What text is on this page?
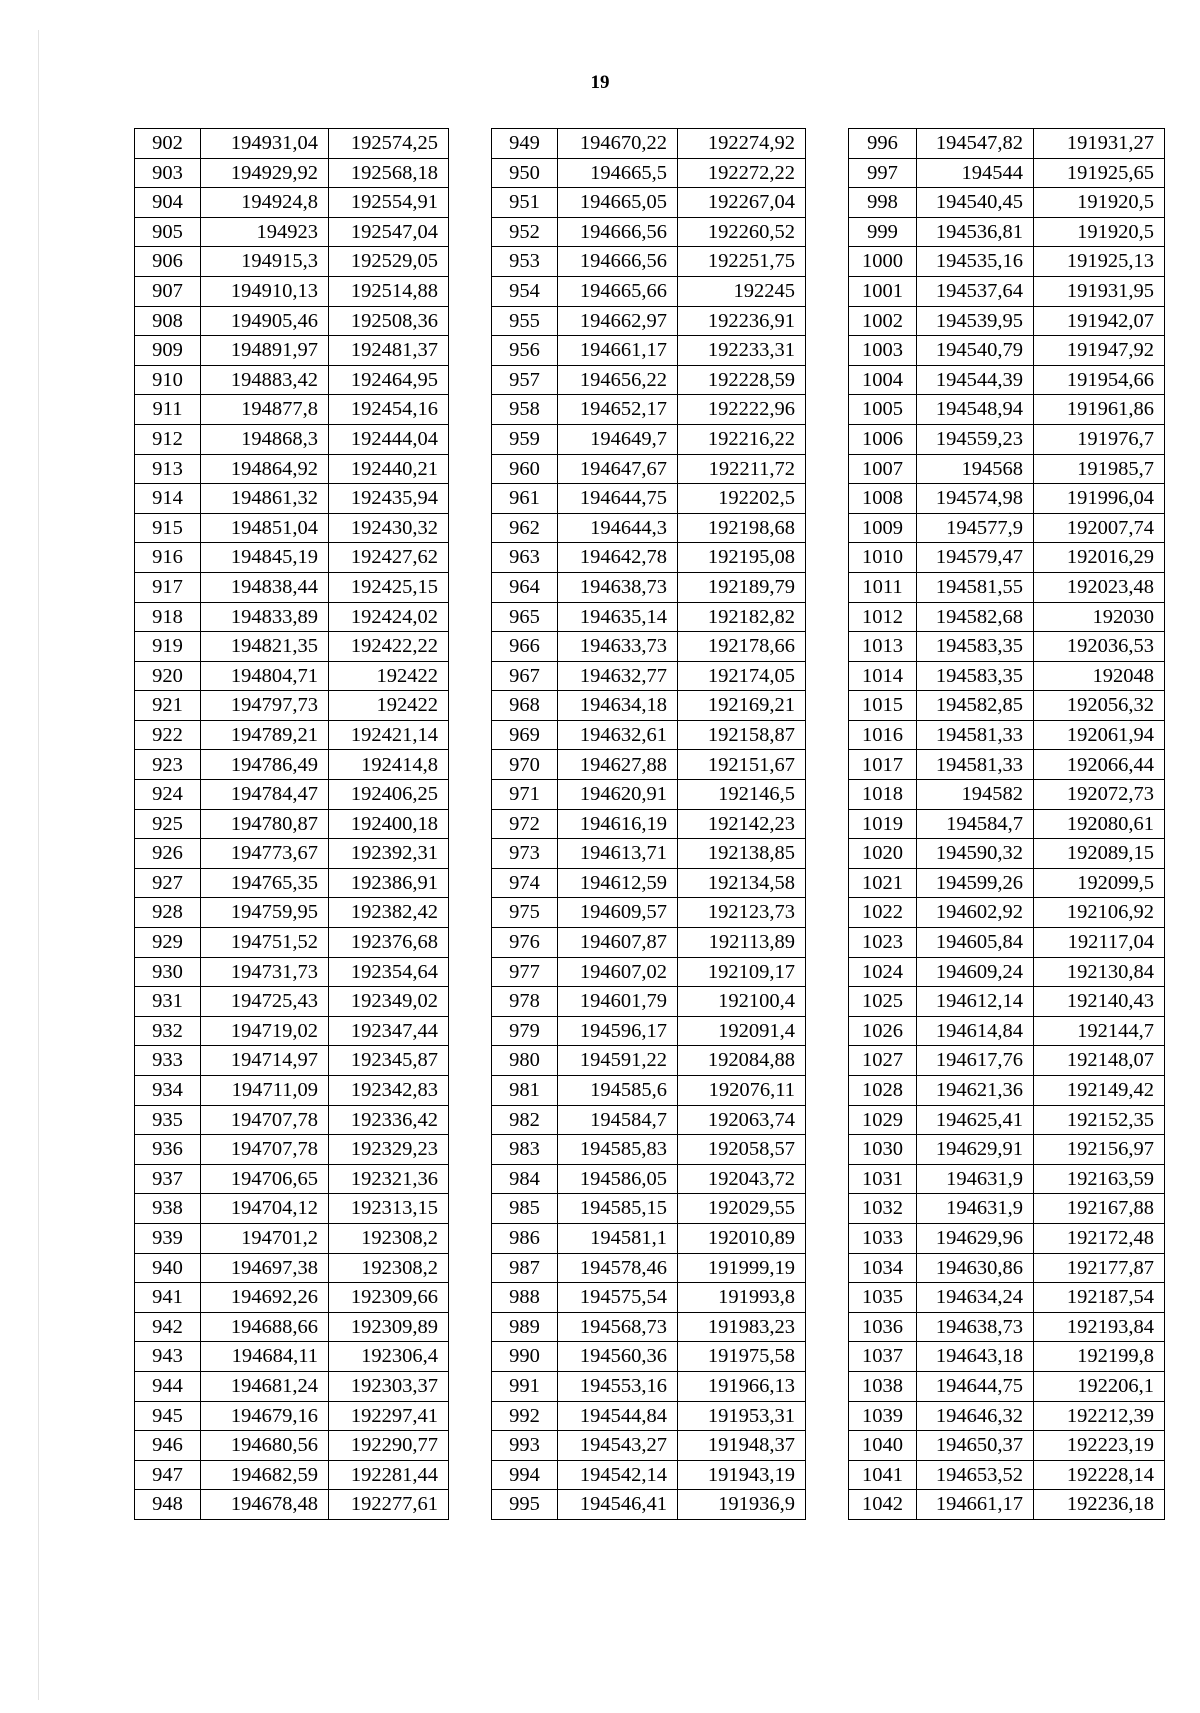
19
902	194931,04	192574,25
903	194929,92	192568,18
904	194924,8	192554,91
905	194923	192547,04
906	194915,3	192529,05
907	194910,13	192514,88
908	194905,46	192508,36
909	194891,97	192481,37
910	194883,42	192464,95
911	194877,8	192454,16
912	194868,3	192444,04
913	194864,92	192440,21
914	194861,32	192435,94
915	194851,04	192430,32
916	194845,19	192427,62
917	194838,44	192425,15
918	194833,89	192424,02
919	194821,35	192422,22
920	194804,71	192422
921	194797,73	192422
922	194789,21	192421,14
923	194786,49	192414,8
924	194784,47	192406,25
925	194780,87	192400,18
926	194773,67	192392,31
927	194765,35	192386,91
928	194759,95	192382,42
929	194751,52	192376,68
930	194731,73	192354,64
931	194725,43	192349,02
932	194719,02	192347,44
933	194714,97	192345,87
934	194711,09	192342,83
935	194707,78	192336,42
936	194707,78	192329,23
937	194706,65	192321,36
938	194704,12	192313,15
939	194701,2	192308,2
940	194697,38	192308,2
941	194692,26	192309,66
942	194688,66	192309,89
943	194684,11	192306,4
944	194681,24	192303,37
945	194679,16	192297,41
946	194680,56	192290,77
947	194682,59	192281,44
948	194678,48	192277,61
949	194670,22	192274,92
950	194665,5	192272,22
951	194665,05	192267,04
952	194666,56	192260,52
953	194666,56	192251,75
954	194665,66	192245
955	194662,97	192236,91
956	194661,17	192233,31
957	194656,22	192228,59
958	194652,17	192222,96
959	194649,7	192216,22
960	194647,67	192211,72
961	194644,75	192202,5
962	194644,3	192198,68
963	194642,78	192195,08
964	194638,73	192189,79
965	194635,14	192182,82
966	194633,73	192178,66
967	194632,77	192174,05
968	194634,18	192169,21
969	194632,61	192158,87
970	194627,88	192151,67
971	194620,91	192146,5
972	194616,19	192142,23
973	194613,71	192138,85
974	194612,59	192134,58
975	194609,57	192123,73
976	194607,87	192113,89
977	194607,02	192109,17
978	194601,79	192100,4
979	194596,17	192091,4
980	194591,22	192084,88
981	194585,6	192076,11
982	194584,7	192063,74
983	194585,83	192058,57
984	194586,05	192043,72
985	194585,15	192029,55
986	194581,1	192010,89
987	194578,46	191999,19
988	194575,54	191993,8
989	194568,73	191983,23
990	194560,36	191975,58
991	194553,16	191966,13
992	194544,84	191953,31
993	194543,27	191948,37
994	194542,14	191943,19
995	194546,41	191936,9
996	194547,82	191931,27
997	194544	191925,65
998	194540,45	191920,5
999	194536,81	191920,5
1000	194535,16	191925,13
1001	194537,64	191931,95
1002	194539,95	191942,07
1003	194540,79	191947,92
1004	194544,39	191954,66
1005	194548,94	191961,86
1006	194559,23	191976,7
1007	194568	191985,7
1008	194574,98	191996,04
1009	194577,9	192007,74
1010	194579,47	192016,29
1011	194581,55	192023,48
1012	194582,68	192030
1013	194583,35	192036,53
1014	194583,35	192048
1015	194582,85	192056,32
1016	194581,33	192061,94
1017	194581,33	192066,44
1018	194582	192072,73
1019	194584,7	192080,61
1020	194590,32	192089,15
1021	194599,26	192099,5
1022	194602,92	192106,92
1023	194605,84	192117,04
1024	194609,24	192130,84
1025	194612,14	192140,43
1026	194614,84	192144,7
1027	194617,76	192148,07
1028	194621,36	192149,42
1029	194625,41	192152,35
1030	194629,91	192156,97
1031	194631,9	192163,59
1032	194631,9	192167,88
1033	194629,96	192172,48
1034	194630,86	192177,87
1035	194634,24	192187,54
1036	194638,73	192193,84
1037	194643,18	192199,8
1038	194644,75	192206,1
1039	194646,32	192212,39
1040	194650,37	192223,19
1041	194653,52	192228,14
1042	194661,17	192236,18
